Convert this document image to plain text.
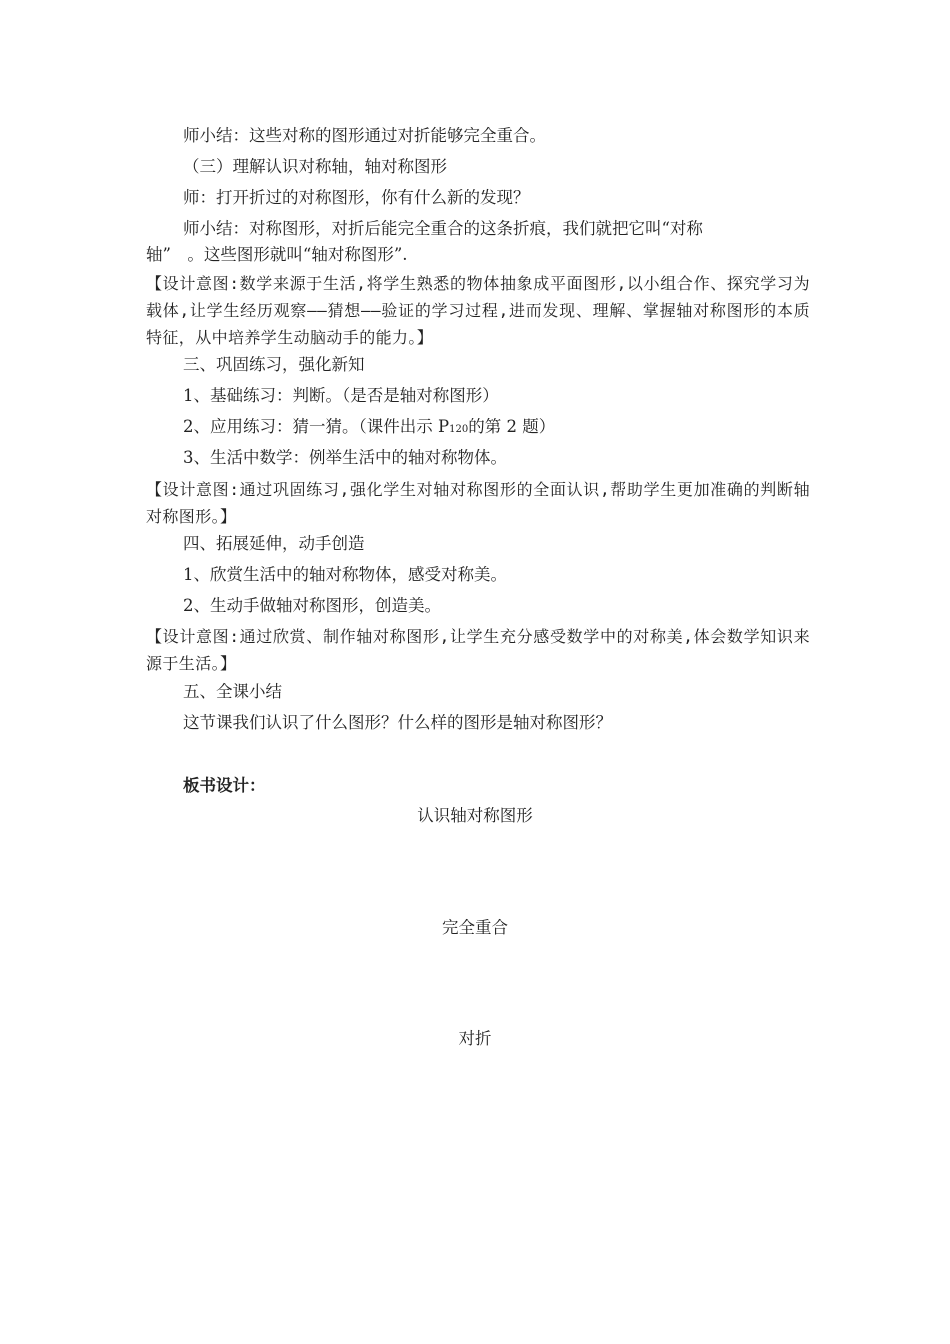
师小结：这些对称的图形通过对折能够完全重合。
（三）理解认识对称轴，轴对称图形
师：打开折过的对称图形，你有什么新的发现？
师小结：对称图形，对折后能完全重合的这条折痕，我们就把它叫“对称
轴”　。这些图形就叫“轴对称图形”.
【设计意图:数学来源于生活,将学生熟悉的物体抽象成平面图形,以小组合作、探究学习为载体,让学生经历观察——猜想——验证的学习过程,进而发现、理解、掌握轴对称图形的本质特征，从中培养学生动脑动手的能力。】
三、巩固练习，强化新知
1、基础练习：判断。（是否是轴对称图形）
2、应用练习：猜一猜。（课件出示 P120的第 2 题）
3、生活中数学：例举生活中的轴对称物体。
【设计意图:通过巩固练习,强化学生对轴对称图形的全面认识,帮助学生更加准确的判断轴对称图形。】
四、拓展延伸，动手创造
1、欣赏生活中的轴对称物体，感受对称美。
2、生动手做轴对称图形，创造美。
【设计意图:通过欣赏、制作轴对称图形,让学生充分感受数学中的对称美,体会数学知识来源于生活。】
五、全课小结
这节课我们认识了什么图形？什么样的图形是轴对称图形？
板书设计：
认识轴对称图形
完全重合
对折
